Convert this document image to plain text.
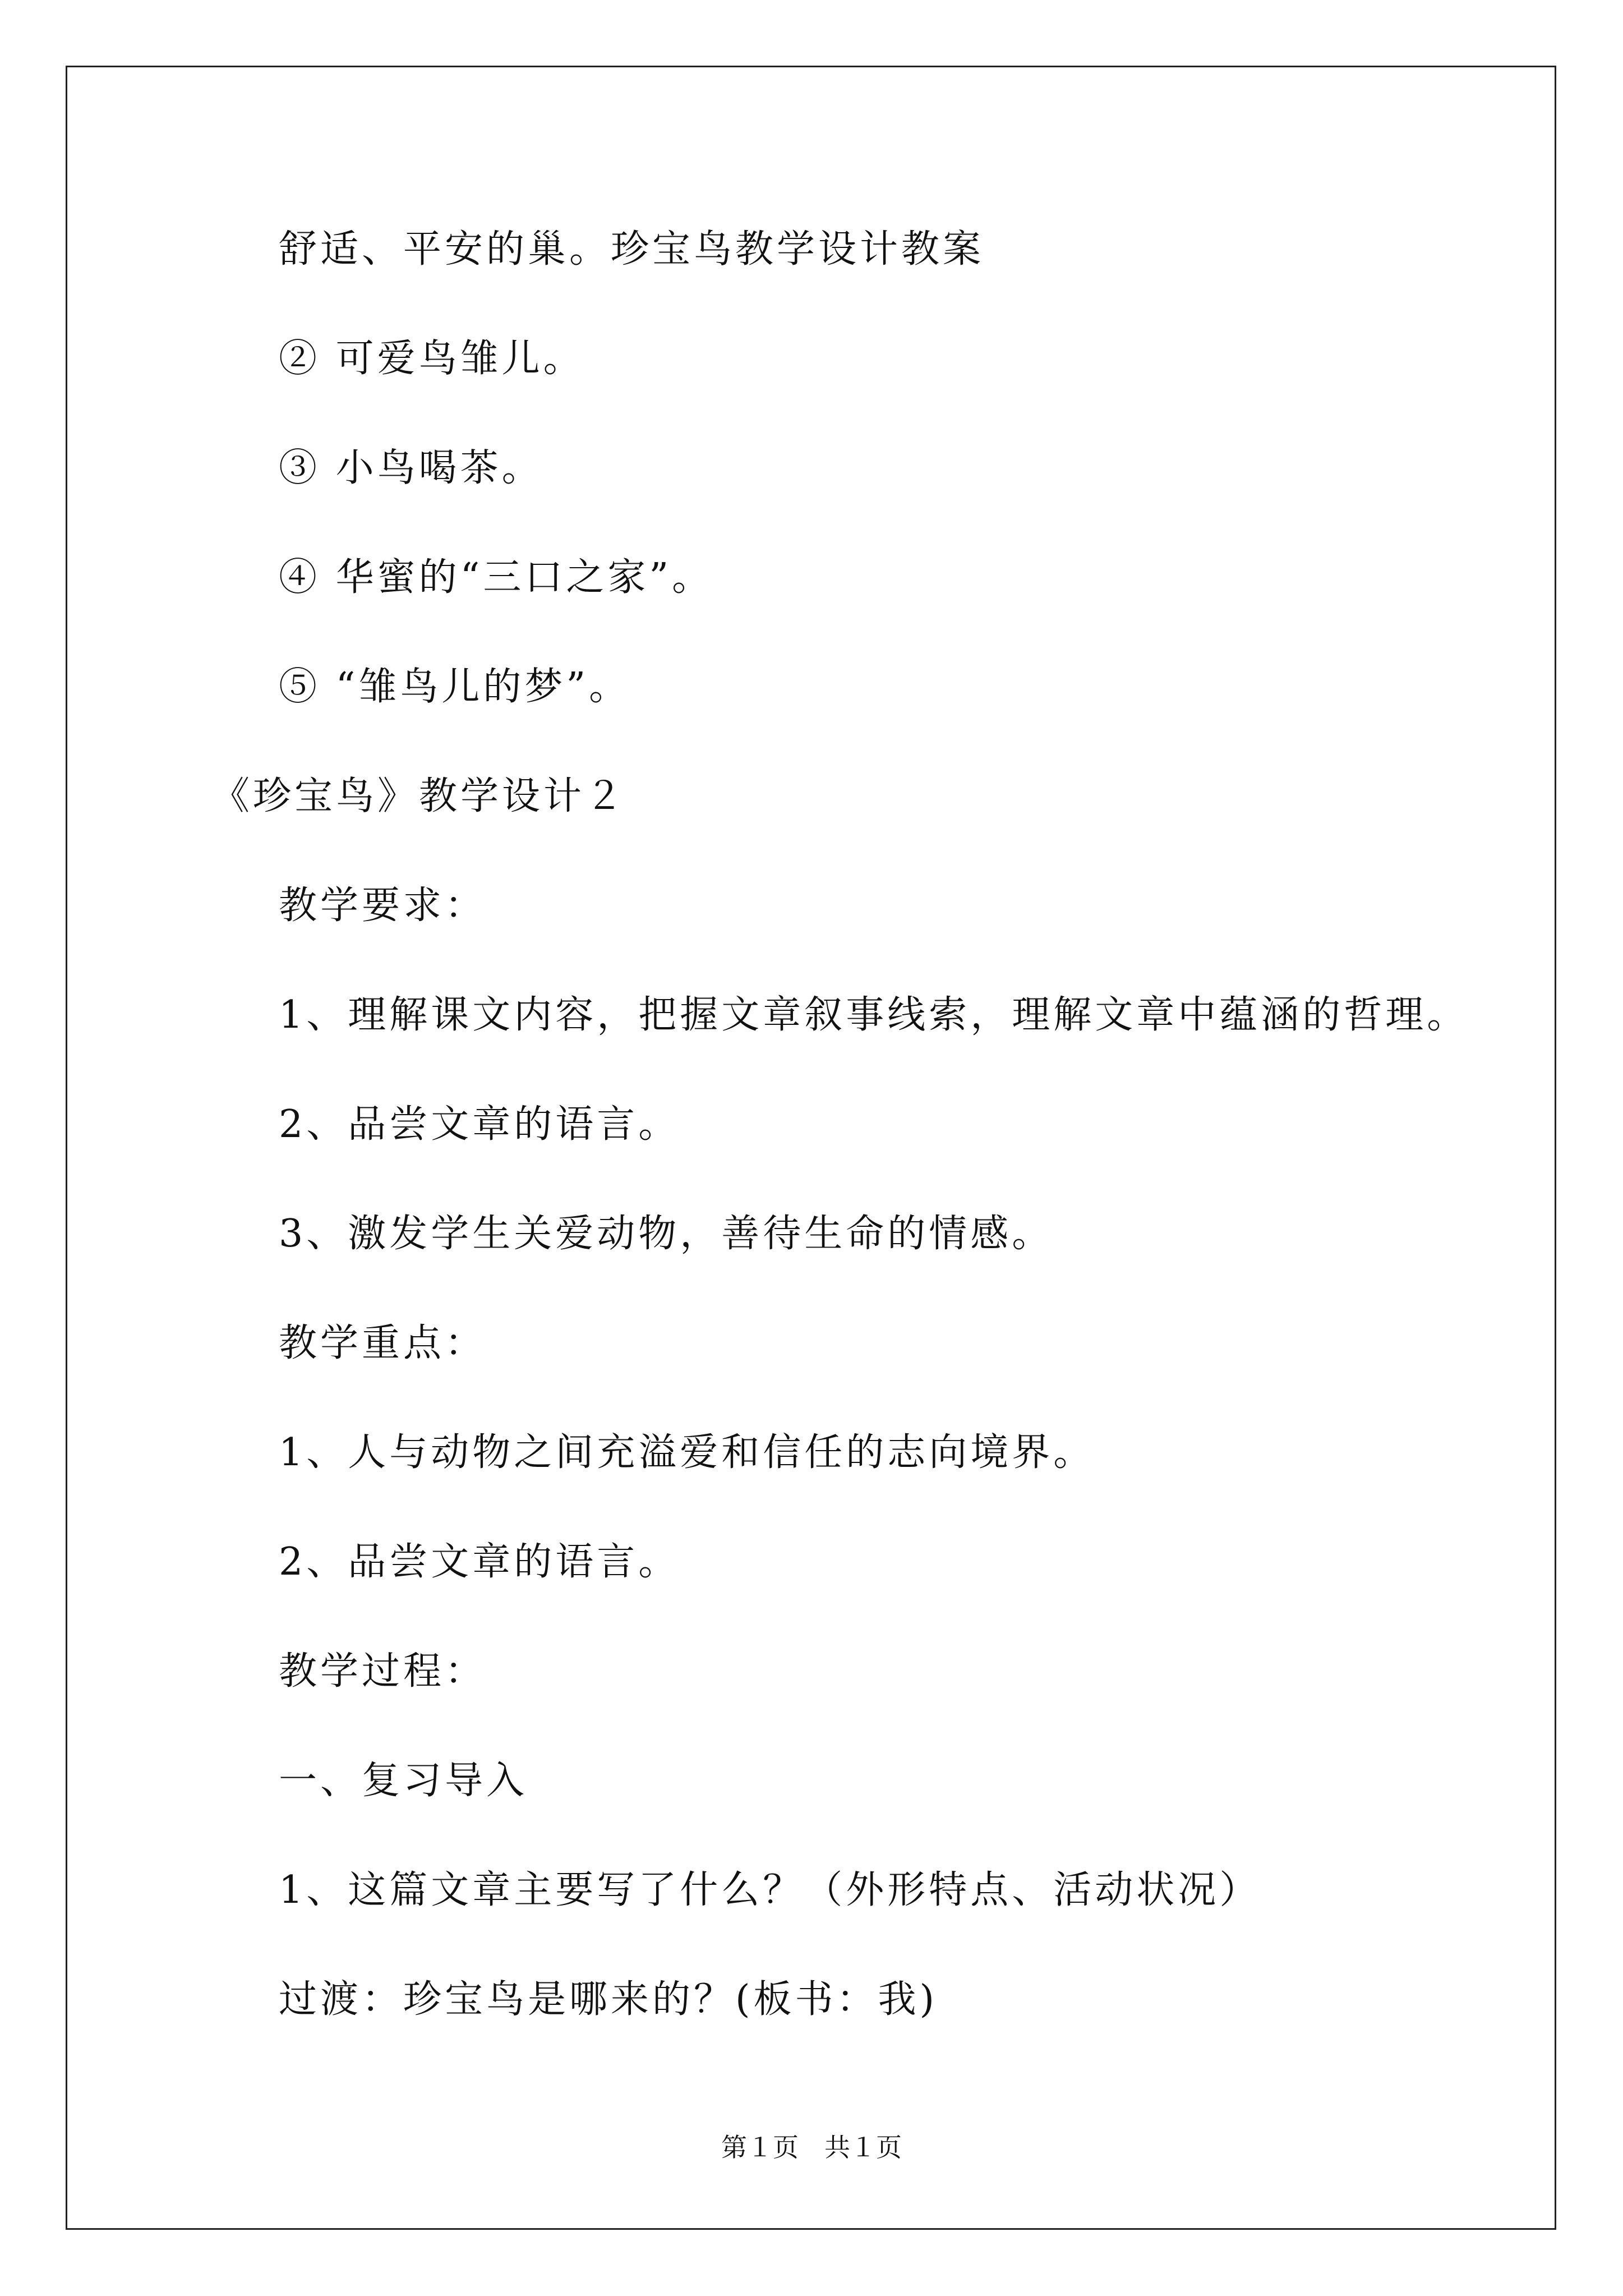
舒适、平安的巢。珍宝鸟教学设计教案
② 可爱鸟雏儿。
③ 小鸟喝茶。
④ 华蜜的“三口之家”。
⑤ “雏鸟儿的梦”。
《珍宝鸟》教学设计２
教学要求：
1、理解课文内容，把握文章叙事线索，理解文章中蕴涵的哲理。
2、品尝文章的语言。
3、激发学生关爱动物，善待生命的情感。
教学重点：
1、人与动物之间充溢爱和信任的志向境界。
2、品尝文章的语言。
教学过程：
一、复习导入
1、这篇文章主要写了什么？（外形特点、活动状况）
过渡：珍宝鸟是哪来的？(板书：我)
第１页　共１页
